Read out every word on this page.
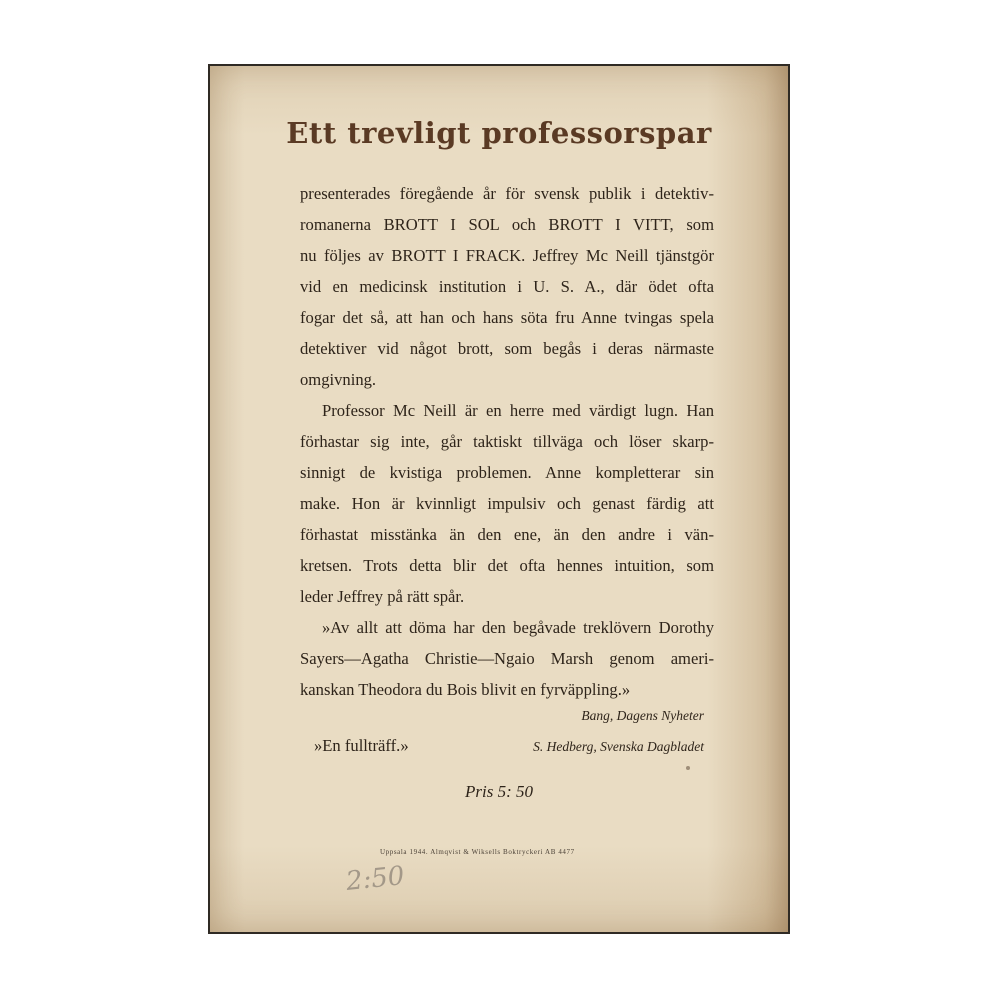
Ett trevligt professorspar
presenterades föregående år för svensk publik i detektiv-
romanerna BROTT I SOL och BROTT I VITT, som
nu följes av BROTT I FRACK. Jeffrey Mc Neill tjänstgör
vid en medicinsk institution i U. S. A., där ödet ofta
fogar det så, att han och hans söta fru Anne tvingas spela
detektiver vid något brott, som begås i deras närmaste
omgivning.
Professor Mc Neill är en herre med värdigt lugn. Han
förhastar sig inte, går taktiskt tillväga och löser skarp-
sinnigt de kvistiga problemen. Anne kompletterar sin
make. Hon är kvinnligt impulsiv och genast färdig att
förhastat misstänka än den ene, än den andre i vän-
kretsen. Trots detta blir det ofta hennes intuition, som
leder Jeffrey på rätt spår.
»Av allt att döma har den begåvade treklövern Dorothy
Sayers—Agatha Christie—Ngaio Marsh genom ameri-
kanskan Theodora du Bois blivit en fyrväppling.»
Bang, Dagens Nyheter
»En fullträff.»	S. Hedberg, Svenska Dagbladet
Pris 5: 50
Uppsala 1944. Almqvist & Wiksells Boktryckeri AB 4477
2:50
